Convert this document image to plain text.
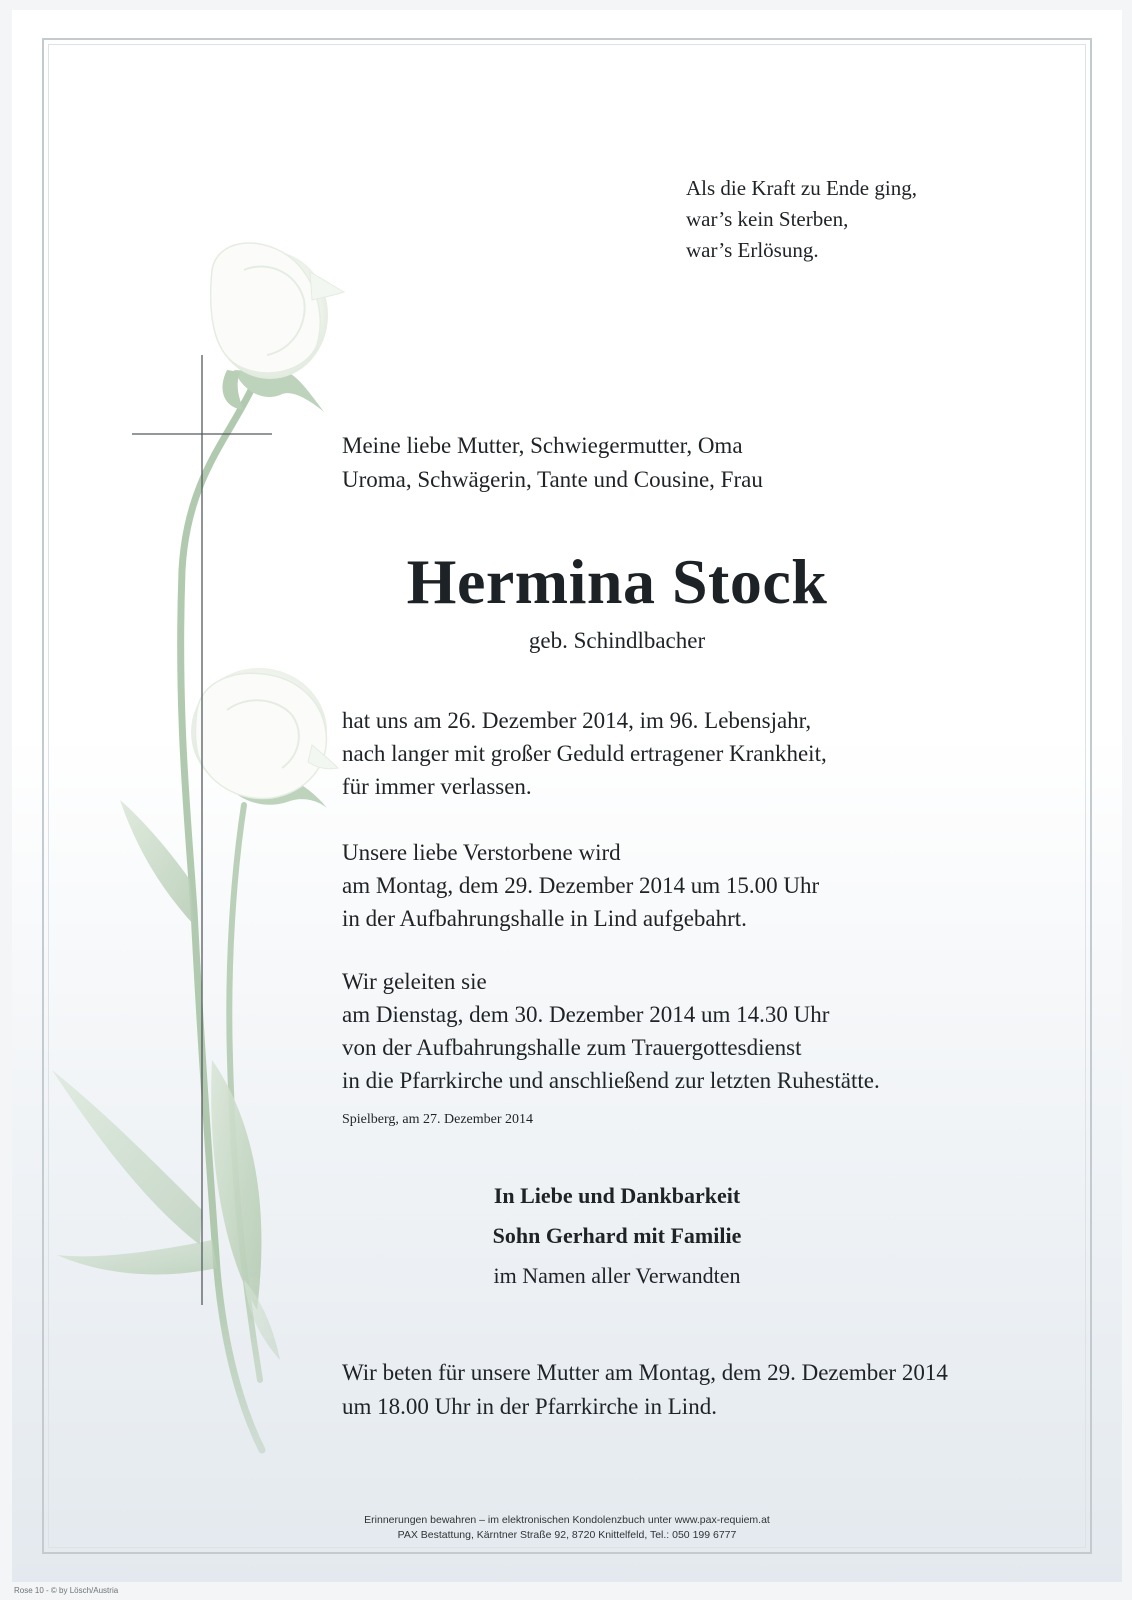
Als die Kraft zu Ende ging,
war’s kein Sterben,
war’s Erlösung.
Meine liebe Mutter, Schwiegermutter, Oma
Uroma, Schwägerin, Tante und Cousine, Frau
Hermina Stock
geb. Schindlbacher
hat uns am 26. Dezember 2014, im 96. Lebensjahr,
nach langer mit großer Geduld ertragener Krankheit,
für immer verlassen.
Unsere liebe Verstorbene wird
am Montag, dem 29. Dezember 2014 um 15.00 Uhr
in der Aufbahrungshalle in Lind aufgebahrt.
Wir geleiten sie
am Dienstag, dem 30. Dezember 2014 um 14.30 Uhr
von der Aufbahrungshalle zum Trauergottesdienst
in die Pfarrkirche und anschließend zur letzten Ruhestätte.
Spielberg, am 27. Dezember 2014
In Liebe und Dankbarkeit
Sohn Gerhard mit Familie
im Namen aller Verwandten
Wir beten für unsere Mutter am Montag, dem 29. Dezember 2014
um 18.00 Uhr in der Pfarrkirche in Lind.
Erinnerungen bewahren – im elektronischen Kondolenzbuch unter www.pax-requiem.at
PAX Bestattung, Kärntner Straße 92, 8720 Knittelfeld, Tel.: 050 199 6777
Rose 10 - © by Lösch/Austria
